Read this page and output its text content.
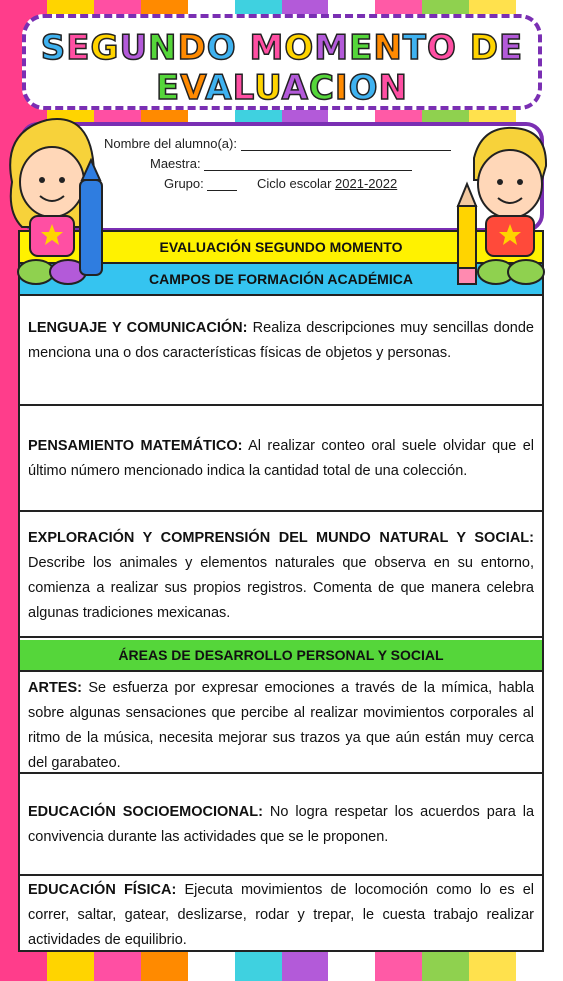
SEGUNDO MOMENTO DE
EVALUACION
Nombre del alumno(a):
Maestra:
Grupo:	Ciclo escolar 2021-2022
EVALUACIÓN SEGUNDO MOMENTO
CAMPOS DE FORMACIÓN ACADÉMICA
LENGUAJE Y COMUNICACIÓN: Realiza descripciones muy sencillas donde menciona una o dos características físicas de objetos y personas.
PENSAMIENTO MATEMÁTICO: Al realizar conteo oral suele olvidar que el último número mencionado indica la cantidad total de una colección.
EXPLORACIÓN Y COMPRENSIÓN DEL MUNDO NATURAL Y SOCIAL: Describe los animales y elementos naturales que observa en su entorno, comienza a realizar sus propios registros. Comenta de que manera celebra algunas tradiciones mexicanas.
ÁREAS DE DESARROLLO PERSONAL Y SOCIAL
ARTES: Se esfuerza por expresar emociones a través de la mímica, habla sobre algunas sensaciones que percibe al realizar movimientos corporales al ritmo de la música, necesita mejorar sus trazos ya que aún están muy cerca del garabateo.
EDUCACIÓN SOCIOEMOCIONAL: No logra respetar los acuerdos para la convivencia durante las actividades que se le proponen.
EDUCACIÓN FÍSICA: Ejecuta movimientos de locomoción como lo es el correr, saltar, gatear, deslizarse, rodar y trepar, le cuesta trabajo realizar actividades de equilibrio.
